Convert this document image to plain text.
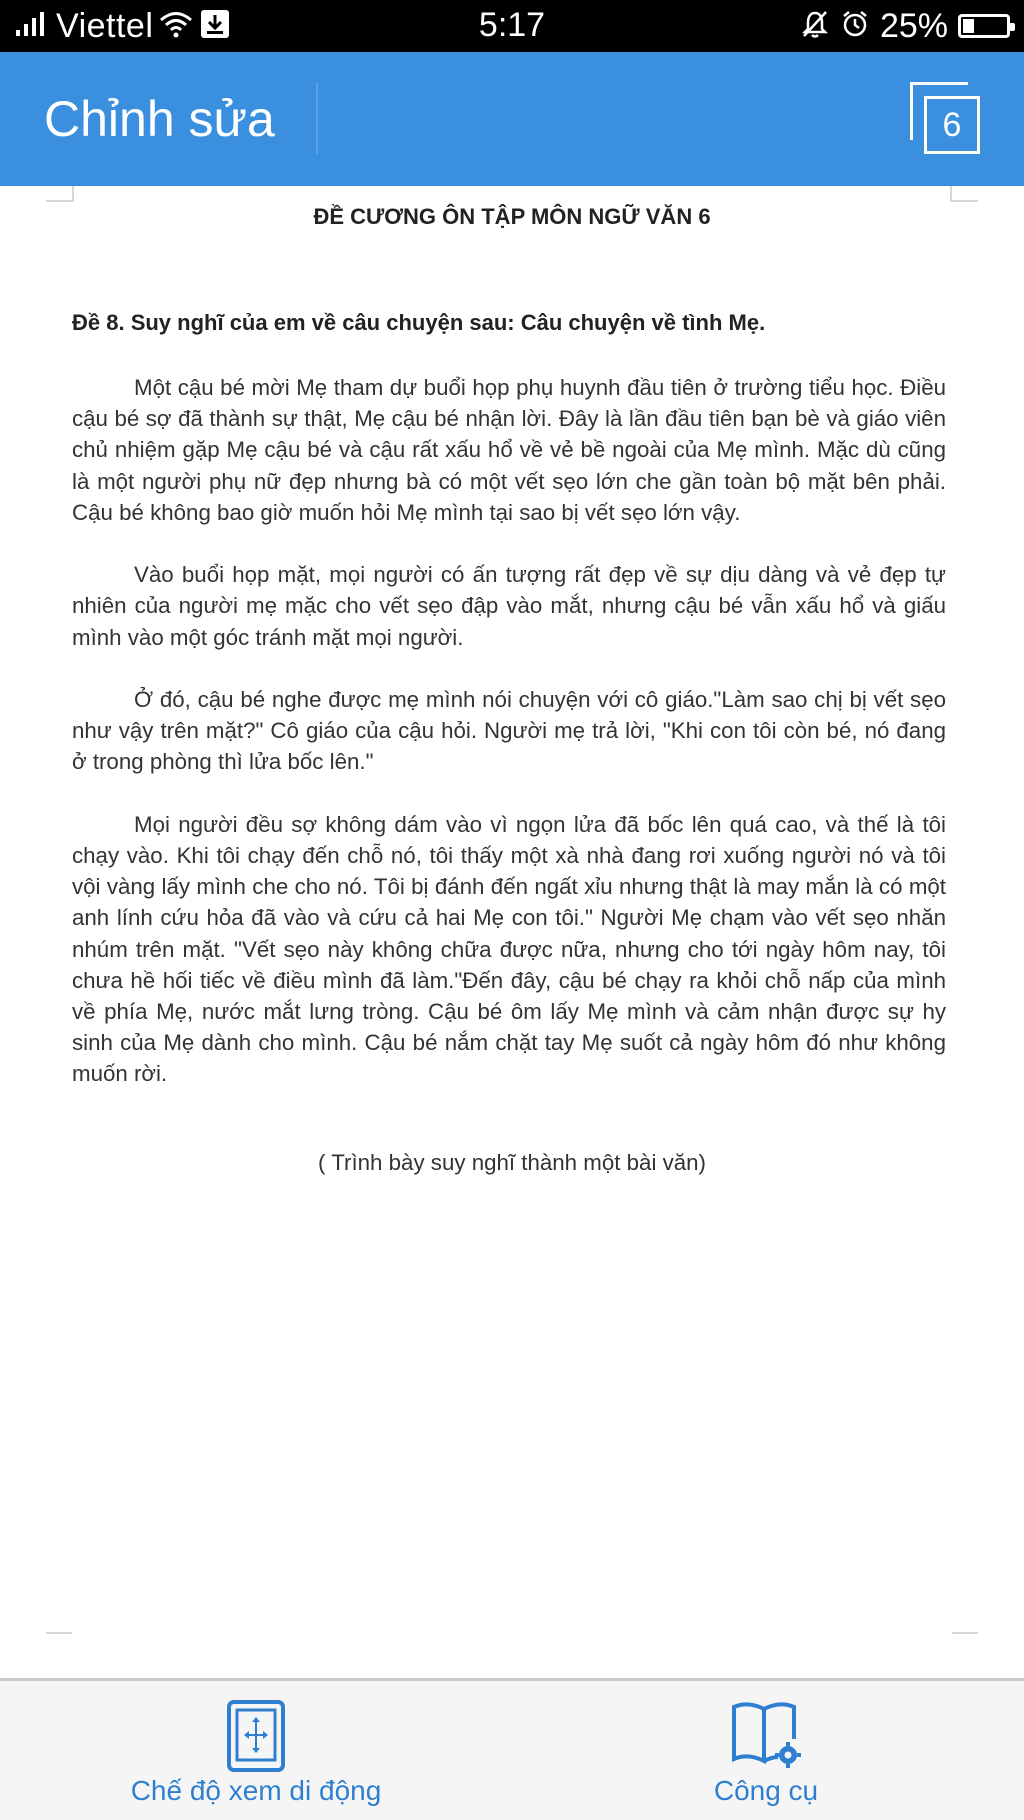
Viettel	5:17	25%
Chỉnh sửa	6
ĐỀ CƯƠNG ÔN TẬP MÔN NGỮ VĂN 6
Đề 8. Suy nghĩ của em về câu chuyện sau: Câu chuyện về tình Mẹ.

Một cậu bé mời Mẹ tham dự buổi họp phụ huynh đầu tiên ở trường tiểu học. Điều cậu bé sợ đã thành sự thật, Mẹ cậu bé nhận lời. Đây là lần đầu tiên bạn bè và giáo viên chủ nhiệm gặp Mẹ cậu bé và cậu rất xấu hổ về vẻ bề ngoài của Mẹ mình. Mặc dù cũng là một người phụ nữ đẹp nhưng bà có một vết sẹo lớn che gần toàn bộ mặt bên phải. Cậu bé không bao giờ muốn hỏi Mẹ mình tại sao bị vết sẹo lớn vậy.

Vào buổi họp mặt, mọi người có ấn tượng rất đẹp về sự dịu dàng và vẻ đẹp tự nhiên của người mẹ mặc cho vết sẹo đập vào mắt, nhưng cậu bé vẫn xấu hổ và giấu mình vào một góc tránh mặt mọi người.

Ở đó, cậu bé nghe được mẹ mình nói chuyện với cô giáo."Làm sao chị bị vết sẹo như vậy trên mặt?" Cô giáo của cậu hỏi. Người mẹ trả lời, "Khi con tôi còn bé, nó đang ở trong phòng thì lửa bốc lên."

Mọi người đều sợ không dám vào vì ngọn lửa đã bốc lên quá cao, và thế là tôi chạy vào. Khi tôi chạy đến chỗ nó, tôi thấy một xà nhà đang rơi xuống người nó và tôi vội vàng lấy mình che cho nó. Tôi bị đánh đến ngất xỉu nhưng thật là may mắn là có một anh lính cứu hỏa đã vào và cứu cả hai Mẹ con tôi." Người Mẹ chạm vào vết sẹo nhăn nhúm trên mặt. "Vết sẹo này không chữa được nữa, nhưng cho tới ngày hôm nay, tôi chưa hề hối tiếc về điều mình đã làm."Đến đây, cậu bé chạy ra khỏi chỗ nấp của mình về phía Mẹ, nước mắt lưng tròng. Cậu bé ôm lấy Mẹ mình và cảm nhận được sự hy sinh của Mẹ dành cho mình. Cậu bé nắm chặt tay Mẹ suốt cả ngày hôm đó như không muốn rời.

( Trình bày suy nghĩ thành một bài văn)
Chế độ xem di động	Công cụ
